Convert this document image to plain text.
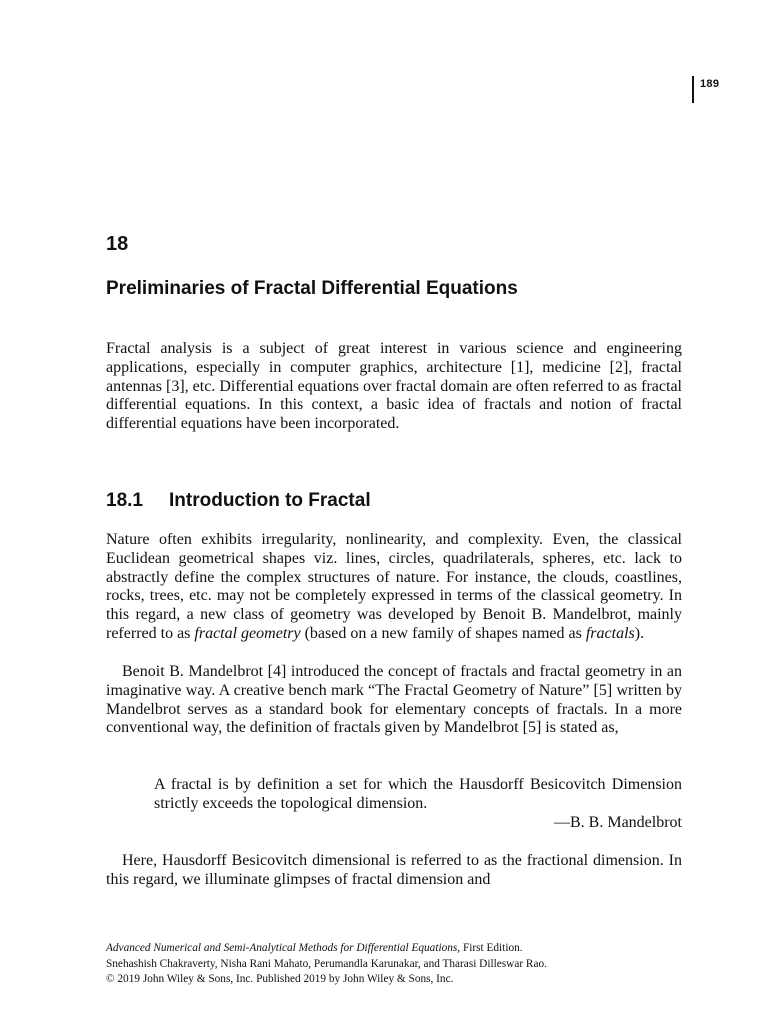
189
18
Preliminaries of Fractal Differential Equations

Fractal analysis is a subject of great interest in various science and engineering applications, especially in computer graphics, architecture [1], medicine [2], fractal antennas [3], etc. Differential equations over fractal domain are often referred to as fractal differential equations. In this context, a basic idea of fractals and notion of fractal differential equations have been incorporated.

18.1 Introduction to Fractal

Nature often exhibits irregularity, nonlinearity, and complexity. Even, the classical Euclidean geometrical shapes viz. lines, circles, quadrilaterals, spheres, etc. lack to abstractly define the complex structures of nature. For instance, the clouds, coastlines, rocks, trees, etc. may not be completely expressed in terms of the classical geometry. In this regard, a new class of geometry was developed by Benoit B. Mandelbrot, mainly referred to as fractal geometry (based on a new family of shapes named as fractals).

Benoit B. Mandelbrot [4] introduced the concept of fractals and fractal geometry in an imaginative way. A creative bench mark “The Fractal Geometry of Nature” [5] written by Mandelbrot serves as a standard book for elementary concepts of fractals. In a more conventional way, the definition of fractals given by Mandelbrot [5] is stated as,

A fractal is by definition a set for which the Hausdorff Besicovitch Dimension strictly exceeds the topological dimension.

—B. B. Mandelbrot

Here, Hausdorff Besicovitch dimensional is referred to as the fractional dimension. In this regard, we illuminate glimpses of fractal dimension and

Advanced Numerical and Semi-Analytical Methods for Differential Equations, First Edition.
Snehashish Chakraverty, Nisha Rani Mahato, Perumandla Karunakar, and Tharasi Dilleswar Rao.
© 2019 John Wiley & Sons, Inc. Published 2019 by John Wiley & Sons, Inc.
